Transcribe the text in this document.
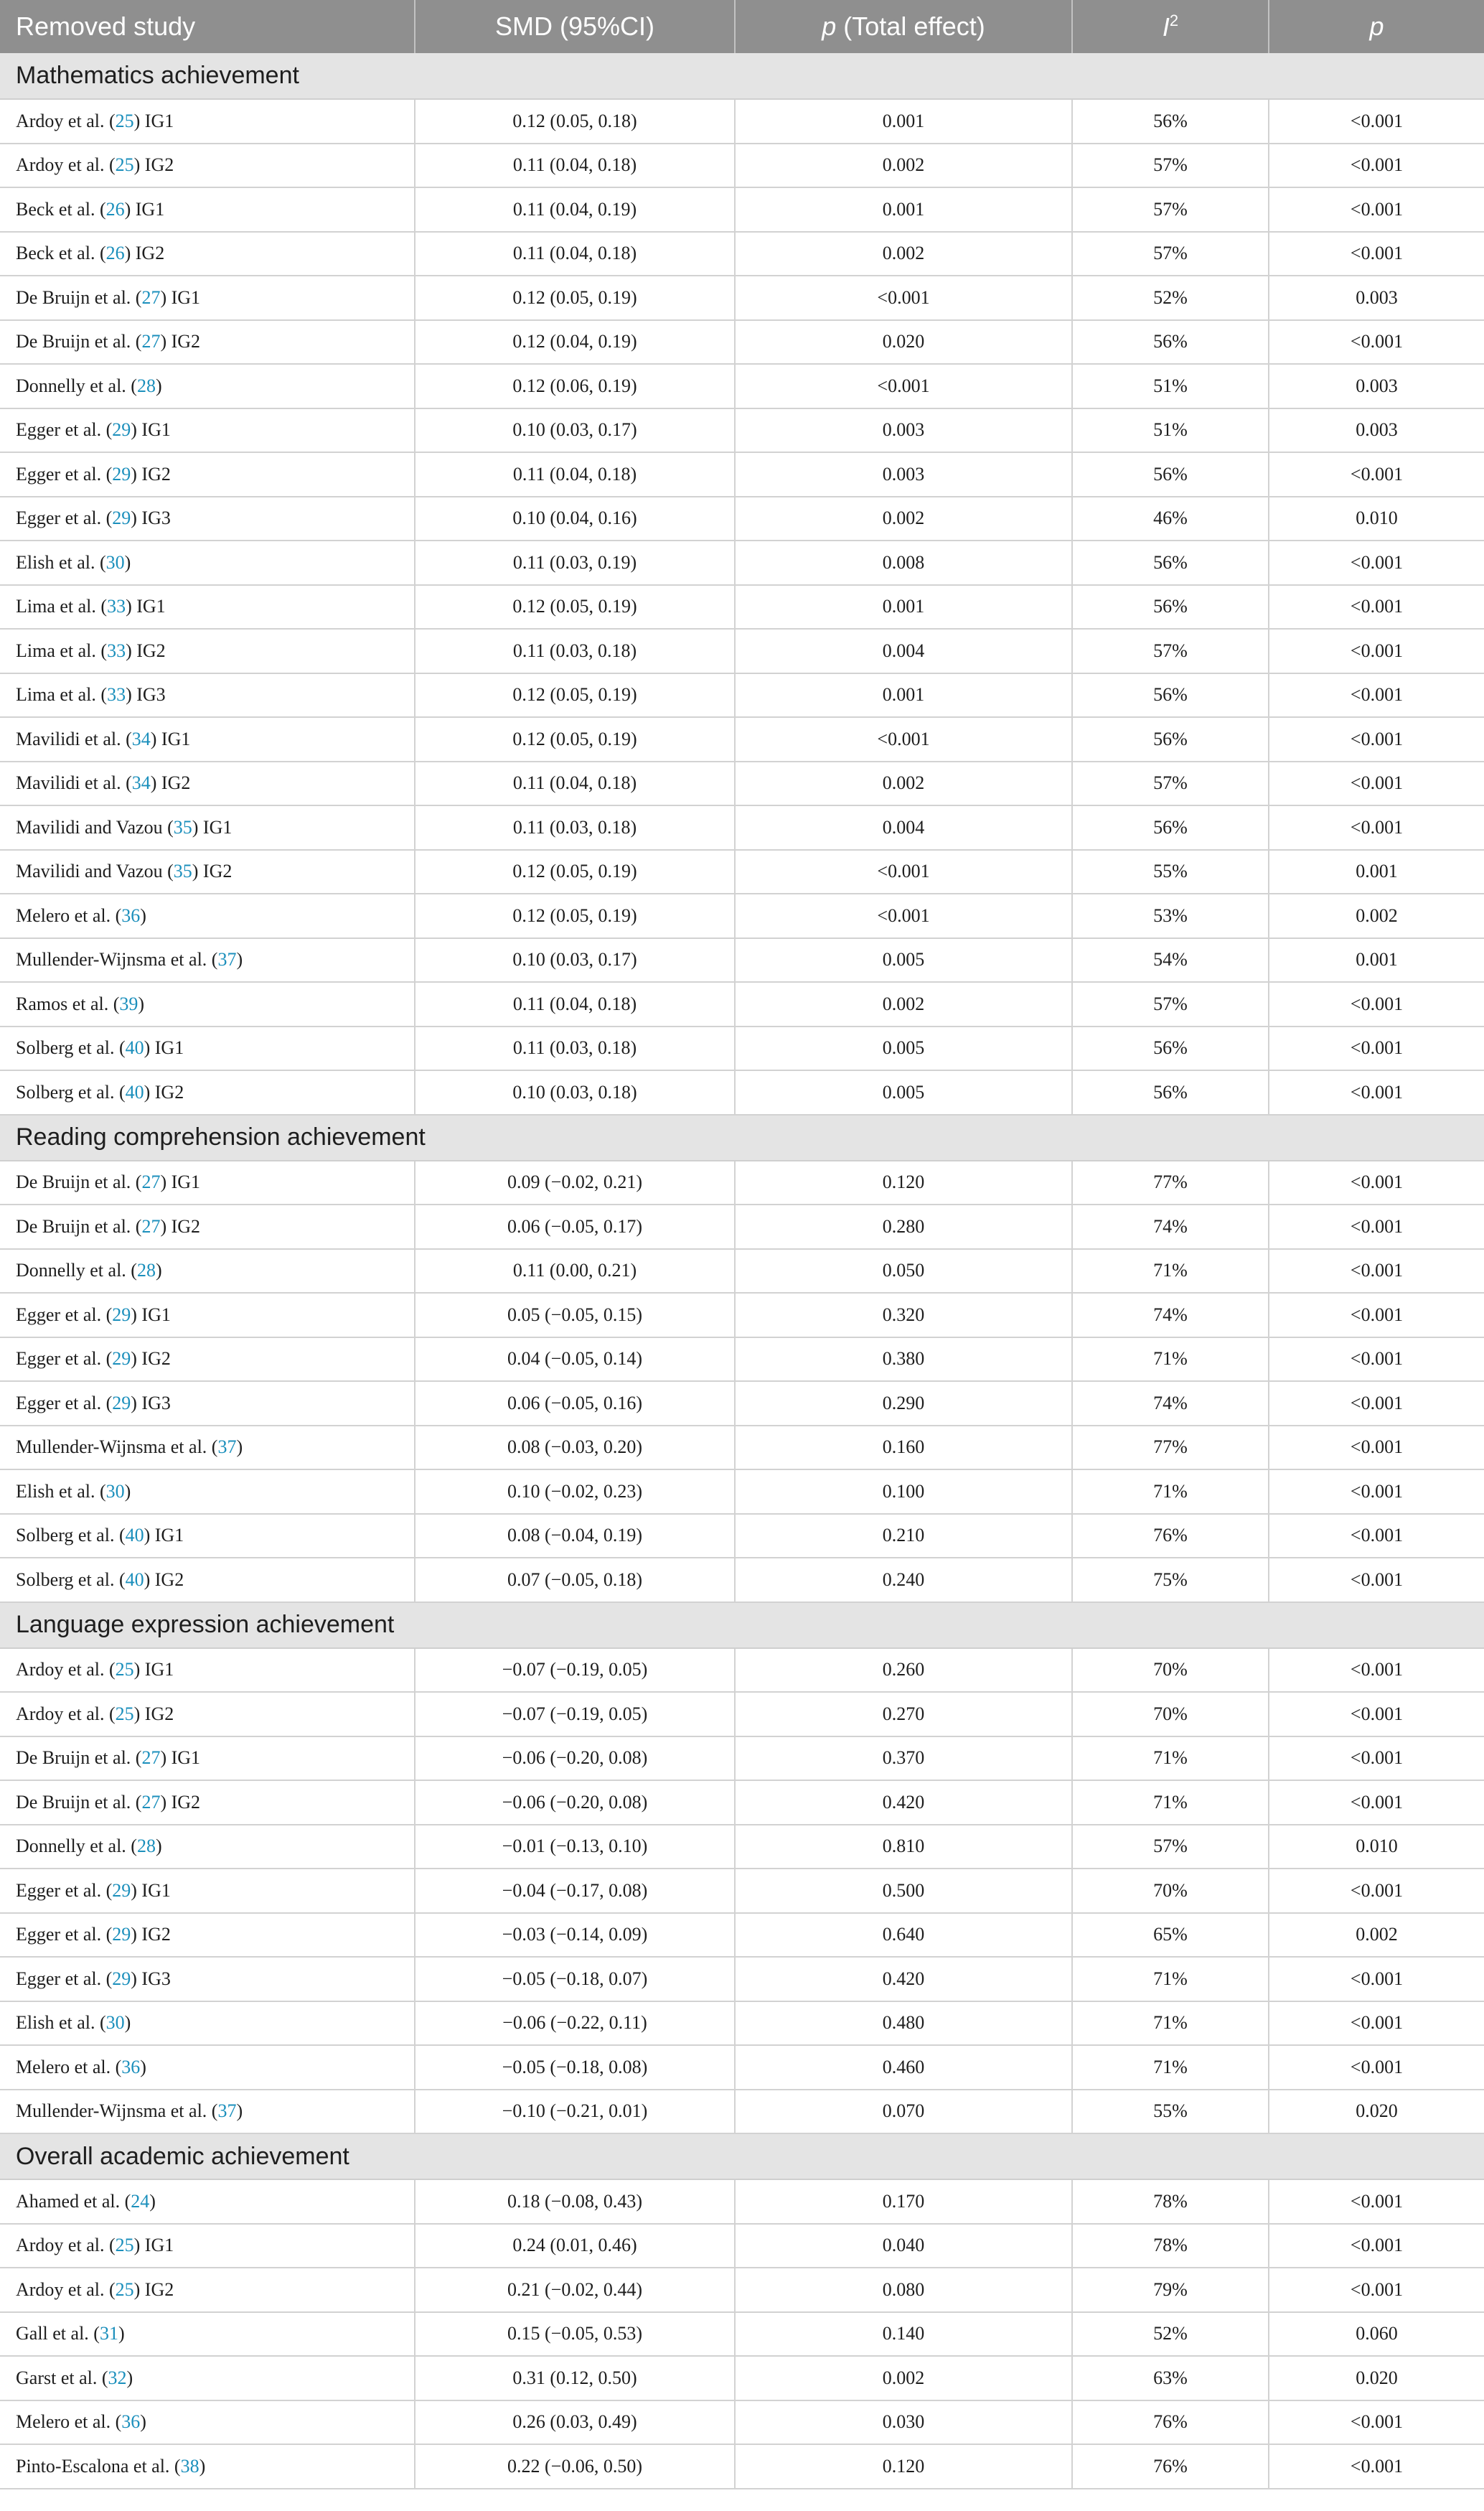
Removed study	SMD (95%CI)	p (Total effect)	$I^2$	p
Mathematics achievement				
Ardoy et al. (25) IG1	0.12 (0.05, 0.18)	0.001	56%	<0.001
Ardoy et al. (25) IG2	0.11 (0.04, 0.18)	0.002	57%	<0.001
Beck et al. (26) IG1	0.11 (0.04, 0.19)	0.001	57%	<0.001
Beck et al. (26) IG2	0.11 (0.04, 0.18)	0.002	57%	<0.001
De Bruijn et al. (27) IG1	0.12 (0.05, 0.19)	<0.001	52%	0.003
De Bruijn et al. (27) IG2	0.12 (0.04, 0.19)	0.020	56%	<0.001
Donnelly et al. (28)	0.12 (0.06, 0.19)	<0.001	51%	0.003
Egger et al. (29) IG1	0.10 (0.03, 0.17)	0.003	51%	0.003
Egger et al. (29) IG2	0.11 (0.04, 0.18)	0.003	56%	<0.001
Egger et al. (29) IG3	0.10 (0.04, 0.16)	0.002	46%	0.010
Elish et al. (30)	0.11 (0.03, 0.19)	0.008	56%	<0.001
Lima et al. (33) IG1	0.12 (0.05, 0.19)	0.001	56%	<0.001
Lima et al. (33) IG2	0.11 (0.03, 0.18)	0.004	57%	<0.001
Lima et al. (33) IG3	0.12 (0.05, 0.19)	0.001	56%	<0.001
Mavilidi et al. (34) IG1	0.12 (0.05, 0.19)	<0.001	56%	<0.001
Mavilidi et al. (34) IG2	0.11 (0.04, 0.18)	0.002	57%	<0.001
Mavilidi and Vazou (35) IG1	0.11 (0.03, 0.18)	0.004	56%	<0.001
Mavilidi and Vazou (35) IG2	0.12 (0.05, 0.19)	<0.001	55%	0.001
Melero et al. (36)	0.12 (0.05, 0.19)	<0.001	53%	0.002
Mullender-Wijnsma et al. (37)	0.10 (0.03, 0.17)	0.005	54%	0.001
Ramos et al. (39)	0.11 (0.04, 0.18)	0.002	57%	<0.001
Solberg et al. (40) IG1	0.11 (0.03, 0.18)	0.005	56%	<0.001
Solberg et al. (40) IG2	0.10 (0.03, 0.18)	0.005	56%	<0.001
Reading comprehension achievement				
De Bruijn et al. (27) IG1	0.09 (−0.02, 0.21)	0.120	77%	<0.001
De Bruijn et al. (27) IG2	0.06 (−0.05, 0.17)	0.280	74%	<0.001
Donnelly et al. (28)	0.11 (0.00, 0.21)	0.050	71%	<0.001
Egger et al. (29) IG1	0.05 (−0.05, 0.15)	0.320	74%	<0.001
Egger et al. (29) IG2	0.04 (−0.05, 0.14)	0.380	71%	<0.001
Egger et al. (29) IG3	0.06 (−0.05, 0.16)	0.290	74%	<0.001
Mullender-Wijnsma et al. (37)	0.08 (−0.03, 0.20)	0.160	77%	<0.001
Elish et al. (30)	0.10 (−0.02, 0.23)	0.100	71%	<0.001
Solberg et al. (40) IG1	0.08 (−0.04, 0.19)	0.210	76%	<0.001
Solberg et al. (40) IG2	0.07 (−0.05, 0.18)	0.240	75%	<0.001
Language expression achievement				
Ardoy et al. (25) IG1	−0.07 (−0.19, 0.05)	0.260	70%	<0.001
Ardoy et al. (25) IG2	−0.07 (−0.19, 0.05)	0.270	70%	<0.001
De Bruijn et al. (27) IG1	−0.06 (−0.20, 0.08)	0.370	71%	<0.001
De Bruijn et al. (27) IG2	−0.06 (−0.20, 0.08)	0.420	71%	<0.001
Donnelly et al. (28)	−0.01 (−0.13, 0.10)	0.810	57%	0.010
Egger et al. (29) IG1	−0.04 (−0.17, 0.08)	0.500	70%	<0.001
Egger et al. (29) IG2	−0.03 (−0.14, 0.09)	0.640	65%	0.002
Egger et al. (29) IG3	−0.05 (−0.18, 0.07)	0.420	71%	<0.001
Elish et al. (30)	−0.06 (−0.22, 0.11)	0.480	71%	<0.001
Melero et al. (36)	−0.05 (−0.18, 0.08)	0.460	71%	<0.001
Mullender-Wijnsma et al. (37)	−0.10 (−0.21, 0.01)	0.070	55%	0.020
Overall academic achievement				
Ahamed et al. (24)	0.18 (−0.08, 0.43)	0.170	78%	<0.001
Ardoy et al. (25) IG1	0.24 (0.01, 0.46)	0.040	78%	<0.001
Ardoy et al. (25) IG2	0.21 (−0.02, 0.44)	0.080	79%	<0.001
Gall et al. (31)	0.15 (−0.05, 0.53)	0.140	52%	0.060
Garst et al. (32)	0.31 (0.12, 0.50)	0.002	63%	0.020
Melero et al. (36)	0.26 (0.03, 0.49)	0.030	76%	<0.001
Pinto-Escalona et al. (38)	0.22 (−0.06, 0.50)	0.120	76%	<0.001
